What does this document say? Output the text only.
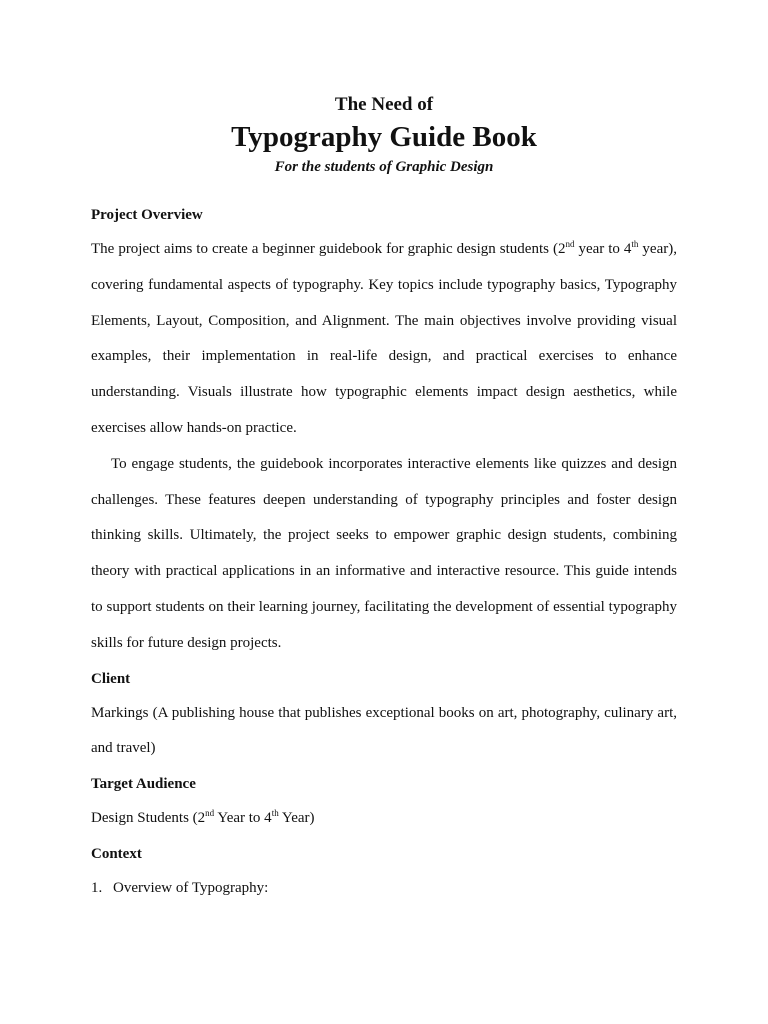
The Need of
Typography Guide Book
For the students of Graphic Design
Project Overview

The project aims to create a beginner guidebook for graphic design students (2nd year to 4th year), covering fundamental aspects of typography. Key topics include typography basics, Typography Elements, Layout, Composition, and Alignment. The main objectives involve providing visual examples, their implementation in real-life design, and practical exercises to enhance understanding. Visuals illustrate how typographic elements impact design aesthetics, while exercises allow hands-on practice.

To engage students, the guidebook incorporates interactive elements like quizzes and design challenges. These features deepen understanding of typography principles and foster design thinking skills. Ultimately, the project seeks to empower graphic design students, combining theory with practical applications in an informative and interactive resource. This guide intends to support students on their learning journey, facilitating the development of essential typography skills for future design projects.

Client

Markings (A publishing house that publishes exceptional books on art, photography, culinary art, and travel)

Target Audience

Design Students (2nd Year to 4th Year)

Context

1. Overview of Typography:
